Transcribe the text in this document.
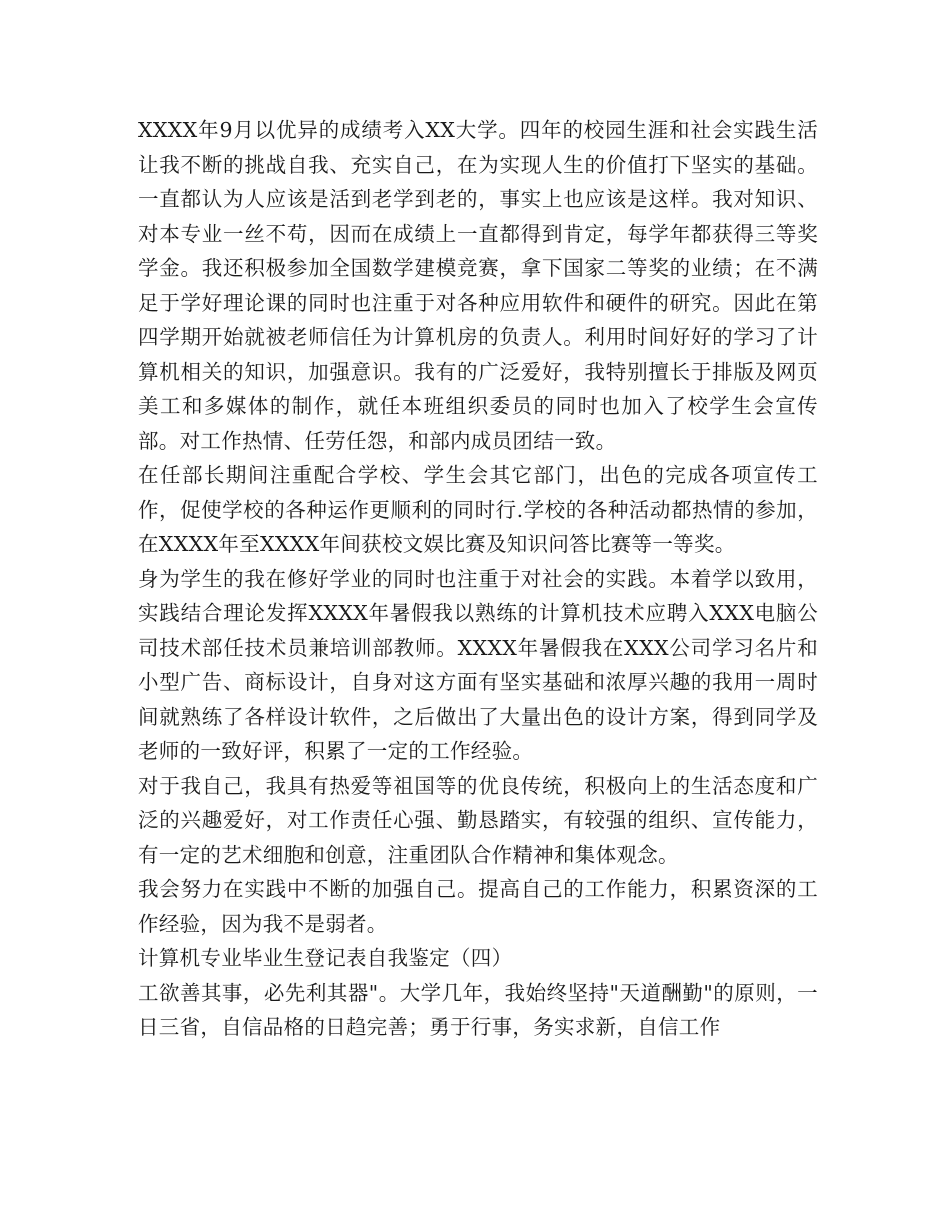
XXXX年9月以优异的成绩考入XX大学。四年的校园生涯和社会实践生活让我不断的挑战自我、充实自己，在为实现人生的价值打下坚实的基础。一直都认为人应该是活到老学到老的，事实上也应该是这样。我对知识、对本专业一丝不苟，因而在成绩上一直都得到肯定，每学年都获得三等奖学金。我还积极参加全国数学建模竞赛，拿下国家二等奖的业绩；在不满足于学好理论课的同时也注重于对各种应用软件和硬件的研究。因此在第四学期开始就被老师信任为计算机房的负责人。利用时间好好的学习了计算机相关的知识，加强意识。我有的广泛爱好，我特别擅长于排版及网页美工和多媒体的制作，就任本班组织委员的同时也加入了校学生会宣传部。对工作热情、任劳任怨，和部内成员团结一致。

在任部长期间注重配合学校、学生会其它部门，出色的完成各项宣传工作，促使学校的各种运作更顺利的同时行.学校的各种活动都热情的参加，在XXXX年至XXXX年间获校文娱比赛及知识问答比赛等一等奖。

身为学生的我在修好学业的同时也注重于对社会的实践。本着学以致用，实践结合理论发挥XXXX年暑假我以熟练的计算机技术应聘入XXX电脑公司技术部任技术员兼培训部教师。XXXX年暑假我在XXX公司学习名片和小型广告、商标设计，自身对这方面有坚实基础和浓厚兴趣的我用一周时间就熟练了各样设计软件，之后做出了大量出色的设计方案，得到同学及老师的一致好评，积累了一定的工作经验。

对于我自己，我具有热爱等祖国等的优良传统，积极向上的生活态度和广泛的兴趣爱好，对工作责任心强、勤恳踏实，有较强的组织、宣传能力，有一定的艺术细胞和创意，注重团队合作精神和集体观念。

我会努力在实践中不断的加强自己。提高自己的工作能力，积累资深的工作经验，因为我不是弱者。

计算机专业毕业生登记表自我鉴定（四）

工欲善其事，必先利其器"。大学几年，我始终坚持"天道酬勤"的原则，一日三省，自信品格的日趋完善；勇于行事，务实求新，自信工作
